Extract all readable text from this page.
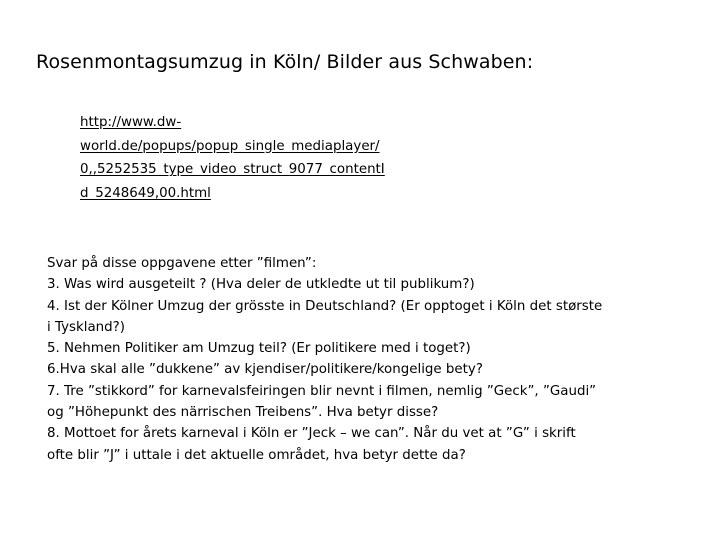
Rosenmontagsumzug in Köln/ Bilder aus Schwaben:
http://www.dw-
world.de/popups/popup_single_mediaplayer/
0,,5252535_type_video_struct_9077_contentI
d_5248649,00.html
Svar på disse oppgavene etter ”filmen”:
3. Was wird ausgeteilt ? (Hva deler de utkledte ut til publikum?)
4. Ist der Kölner Umzug der grösste in Deutschland? (Er opptoget i Köln det største
i Tyskland?)
5. Nehmen Politiker am Umzug teil? (Er politikere med i toget?)
6.Hva skal alle ”dukkene” av kjendiser/politikere/kongelige bety?
7. Tre ”stikkord” for karnevalsfeiringen blir nevnt i filmen, nemlig ”Geck”, ”Gaudi”
og ”Höhepunkt des närrischen Treibens”. Hva betyr disse?
8. Mottoet for årets karneval i Köln er ”Jeck – we can”. Når du vet at ”G” i skrift
ofte blir ”J” i uttale i det aktuelle området, hva betyr dette da?
